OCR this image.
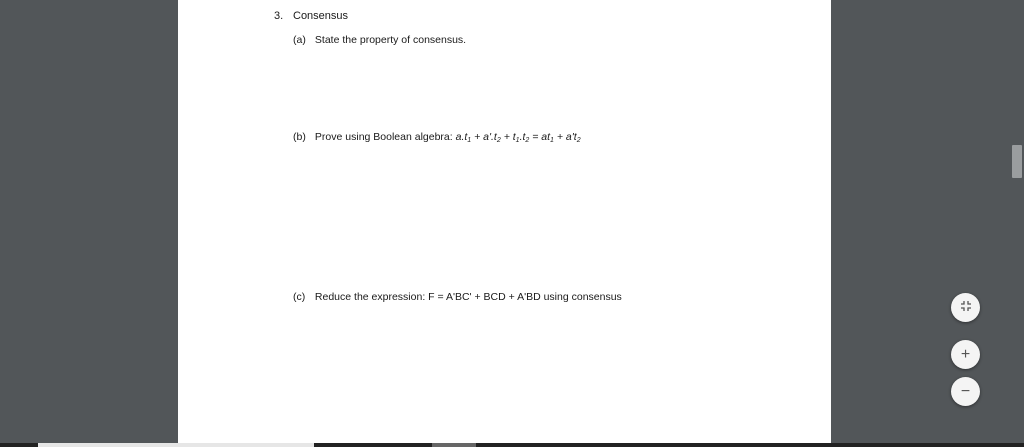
3. Consensus
(a) State the property of consensus.
(b) Prove using Boolean algebra: $a.t_1 + a'.t_2 + t_1.t_2 = at_1 + a't_2$
(c) Reduce the expression: F = A'BC' + BCD + A'BD using consensus
+
−
